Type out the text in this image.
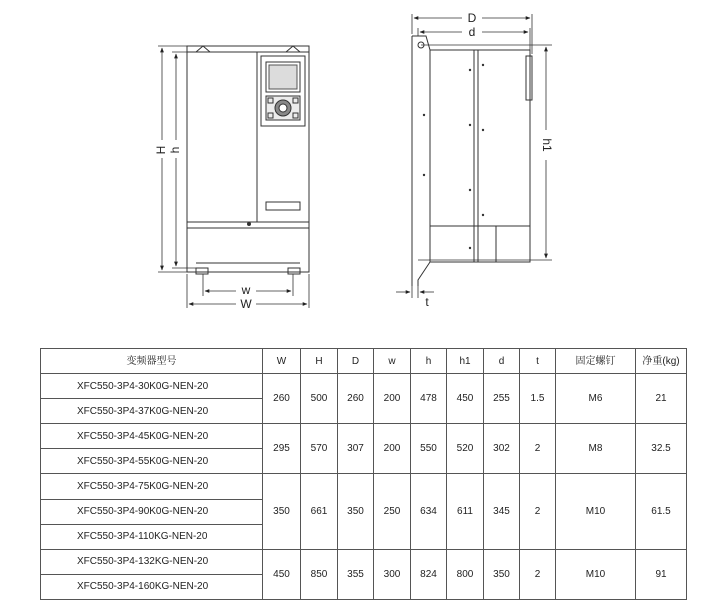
H h
w
W
D
d
h1
t
变频器型号	W	H	D	w	h	h1	d	t	固定螺钉	净重(kg)
XFC550-3P4-30K0G-NEN-20	260	500	260	200	478	450	255	1.5	M6	21
XFC550-3P4-37K0G-NEN-20										
XFC550-3P4-45K0G-NEN-20	295	570	307	200	550	520	302	2	M8	32.5
XFC550-3P4-55K0G-NEN-20										
XFC550-3P4-75K0G-NEN-20	350	661	350	250	634	611	345	2	M10	61.5
XFC550-3P4-90K0G-NEN-20										
XFC550-3P4-110KG-NEN-20										
XFC550-3P4-132KG-NEN-20	450	850	355	300	824	800	350	2	M10	91
XFC550-3P4-160KG-NEN-20										
